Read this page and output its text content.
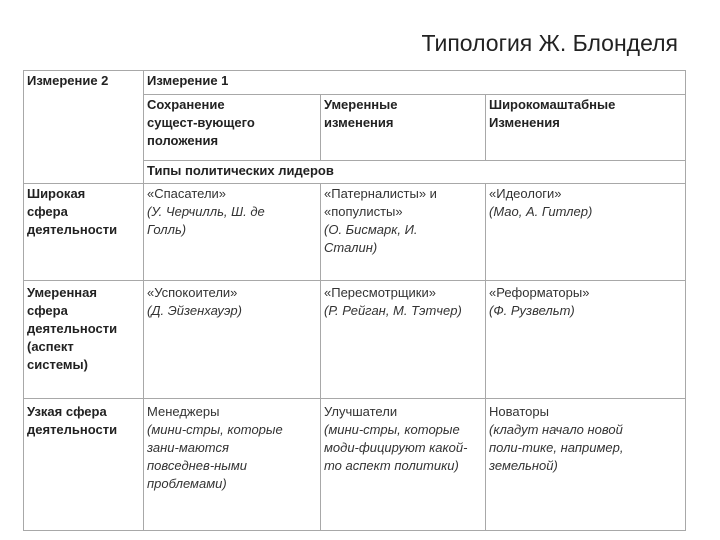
Типология Ж. Блонделя
Измерение 2	Измерение 1
Сохранение
сущест-вующего
положения
Умеренные
изменения
Широкомаштабные
Изменения
Типы политических лидеров
Широкая
сфера
деятельности
«Спасатели»
(У. Черчилль, Ш. де
Голль)
«Патерналисты» и
«популисты»
(О. Бисмарк, И.
Сталин)
«Идеологи»
(Мао, А. Гитлер)
Умеренная
сфера
деятельности
(аспект
системы)
«Успокоители»
(Д. Эйзенхауэр)
«Пересмотрщики»
(Р. Рейган, М. Тэтчер)
«Реформаторы»
(Ф. Рузвельт)
Узкая сфера
деятельности
Менеджеры
(мини-стры, которые
зани-маются
повседнев-ными
проблемами)
Улучшатели
(мини-стры, которые
моди-фицируют какой-
то аспект политики)
Новаторы
(кладут начало новой
поли-тике, например,
земельной)
